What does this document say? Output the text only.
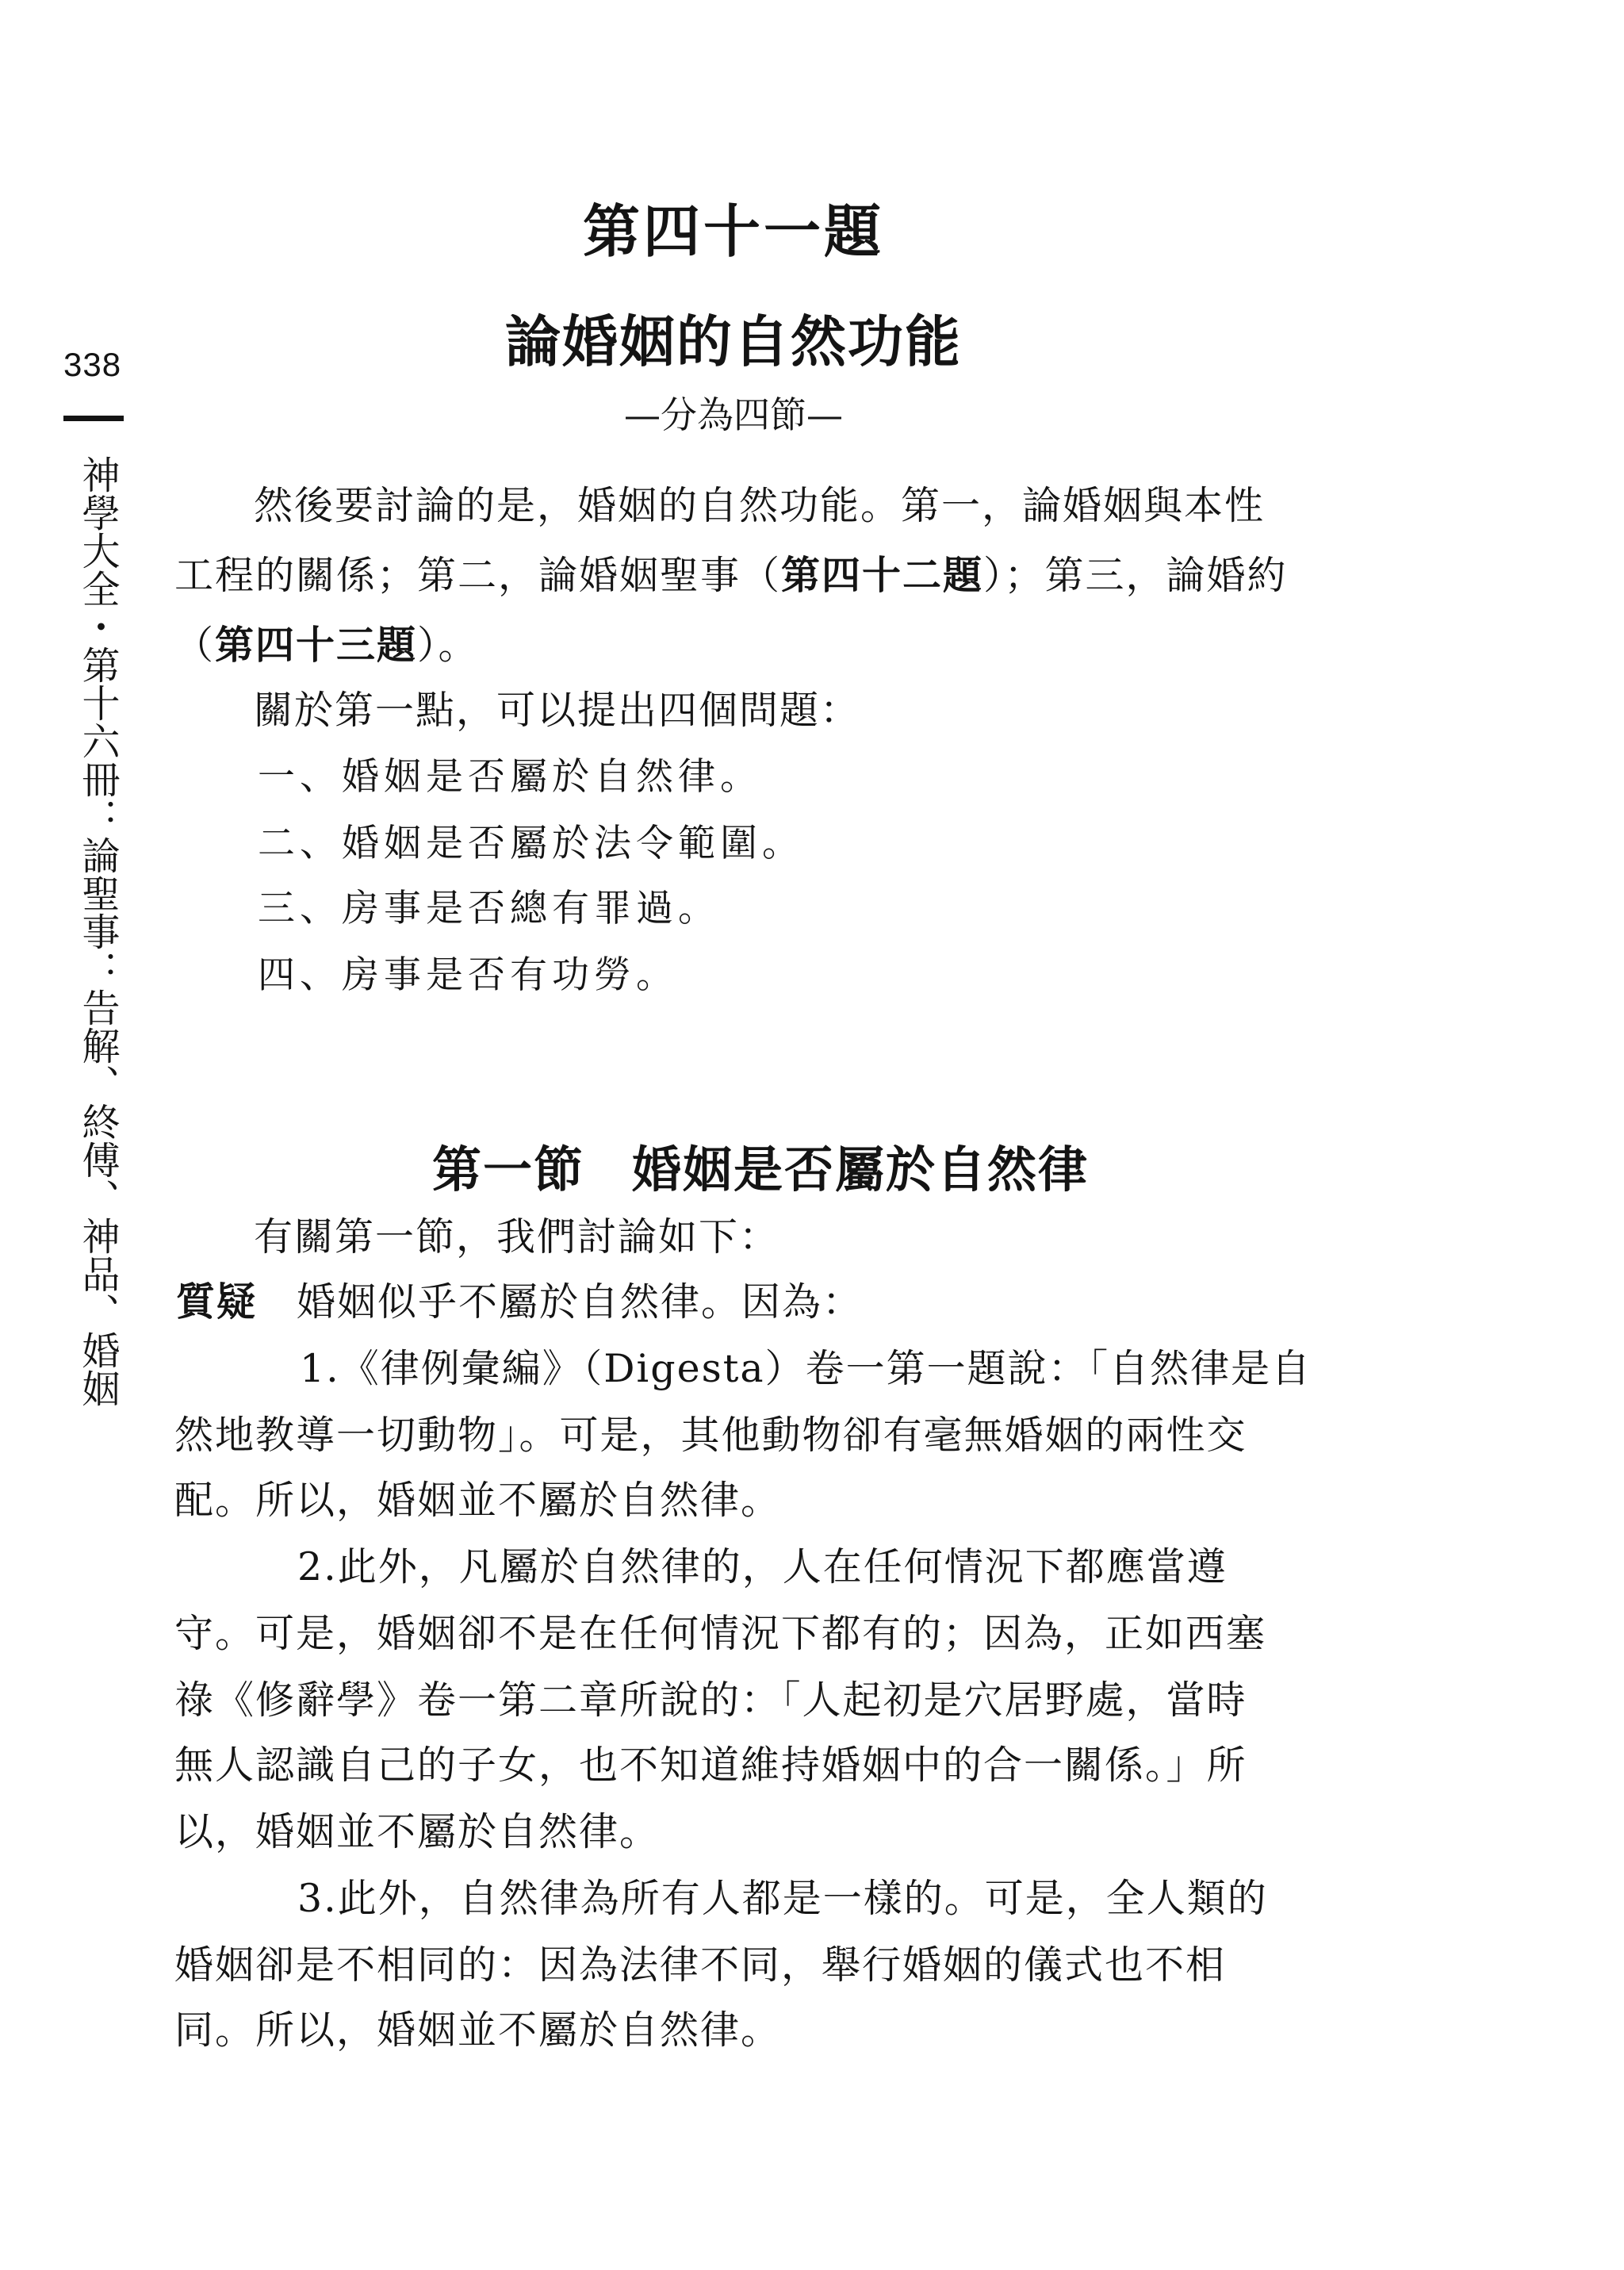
338
神學大全・第十六冊：論聖事：告解、終傅、神品、婚姻
第四十一題
論婚姻的自然功能
—分為四節—

然後要討論的是，婚姻的自然功能。第一，論婚姻與本性

工程的關係；第二，論婚姻聖事（第四十二題）；第三，論婚約

（第四十三題）。

關於第一點，可以提出四個問題：

一、婚姻是否屬於自然律。

二、婚姻是否屬於法令範圍。

三、房事是否總有罪過。

四、房事是否有功勞。

第一節 婚姻是否屬於自然律

有關第一節，我們討論如下：

質疑 婚姻似乎不屬於自然律。因為：

1.《律例彙編》（Digesta）卷一第一題說：「自然律是自

然地教導一切動物」。可是，其他動物卻有毫無婚姻的兩性交

配。所以，婚姻並不屬於自然律。

2.此外，凡屬於自然律的，人在任何情況下都應當遵

守。可是，婚姻卻不是在任何情況下都有的；因為，正如西塞

祿《修辭學》卷一第二章所說的：「人起初是穴居野處，當時

無人認識自己的子女，也不知道維持婚姻中的合一關係。」所

以，婚姻並不屬於自然律。

3.此外，自然律為所有人都是一樣的。可是，全人類的

婚姻卻是不相同的：因為法律不同，舉行婚姻的儀式也不相

同。所以，婚姻並不屬於自然律。
